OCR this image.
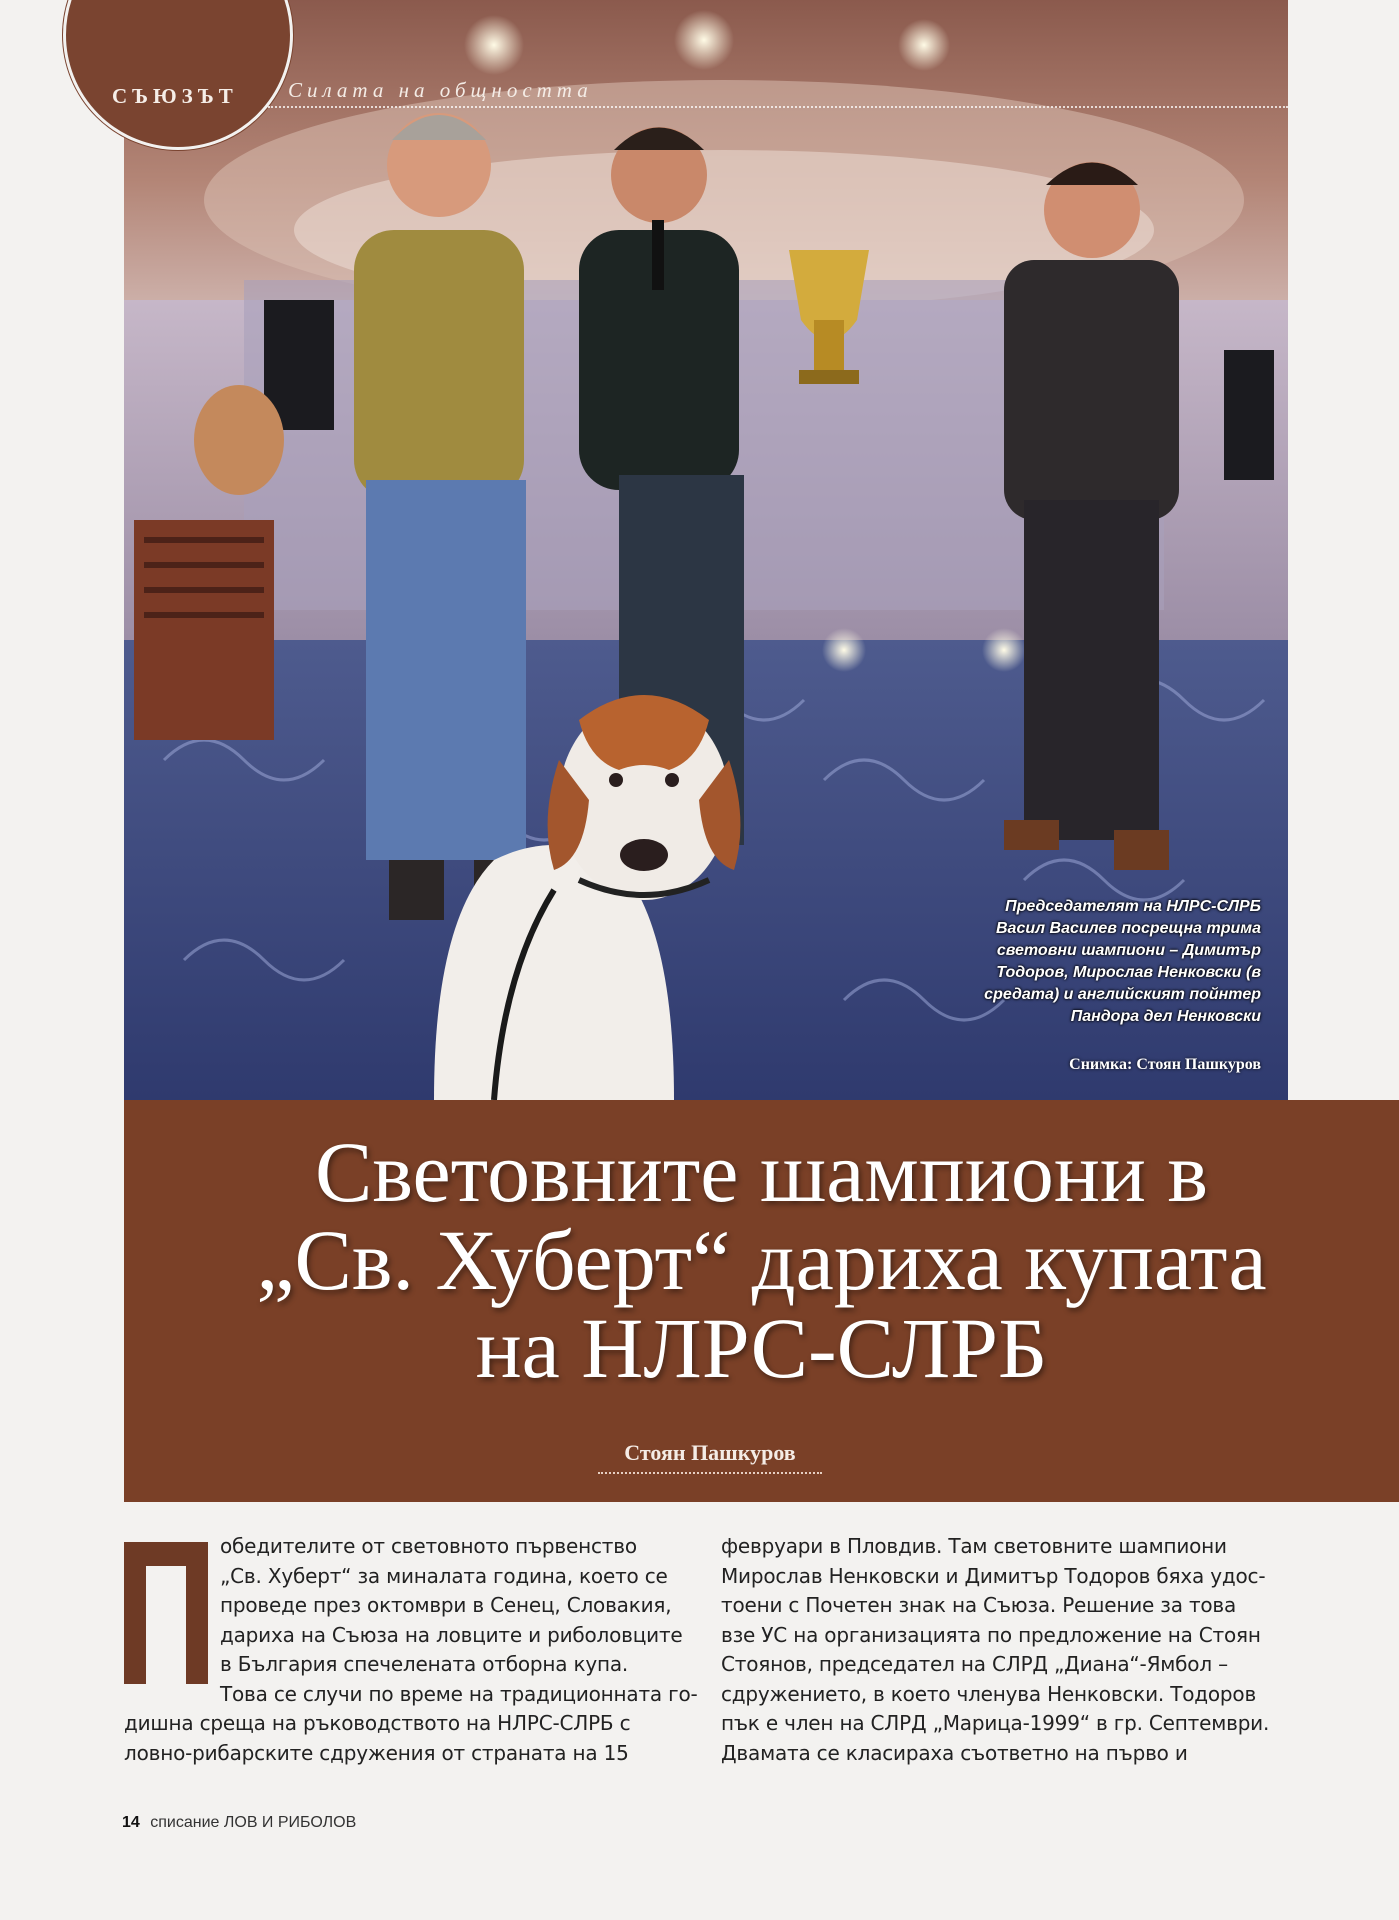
СЪЮЗЪТ Силата на общността
Председателят на НЛРС-СЛРБ Васил Василев посрещна трима световни шампиони – Димитър Тодоров, Мирослав Ненковски (в средата) и английският пойнтер Пандора дел Ненковски
Снимка: Стоян Пашкуров
Световните шампиони в
„Св. Хуберт“ дариха купата
на НЛРС-СЛРБ
Стоян Пашкуров

обедителите от световното първенство
„Св. Хуберт“ за миналата година, което се
проведе през октомври в Сенец, Словакия,
дариха на Съюза на ловците и риболовците
в България спечелената отборна купа.
Това се случи по време на традиционната го-
дишна среща на ръководството на НЛРС-СЛРБ с
ловно-рибарските сдружения от страната на 15

февруари в Пловдив. Там световните шампиони
Мирослав Ненковски и Димитър Тодоров бяха удос-
тоени с Почетен знак на Съюза. Решение за това
взе УС на организацията по предложение на Стоян
Стоянов, председател на СЛРД „Диана“-Ямбол –
сдружението, в което членува Ненковски. Тодоров
пък е член на СЛРД „Марица-1999“ в гр. Септември.
Двамата се класираха съответно на първо и

14 списание ЛОВ И РИБОЛОВ
